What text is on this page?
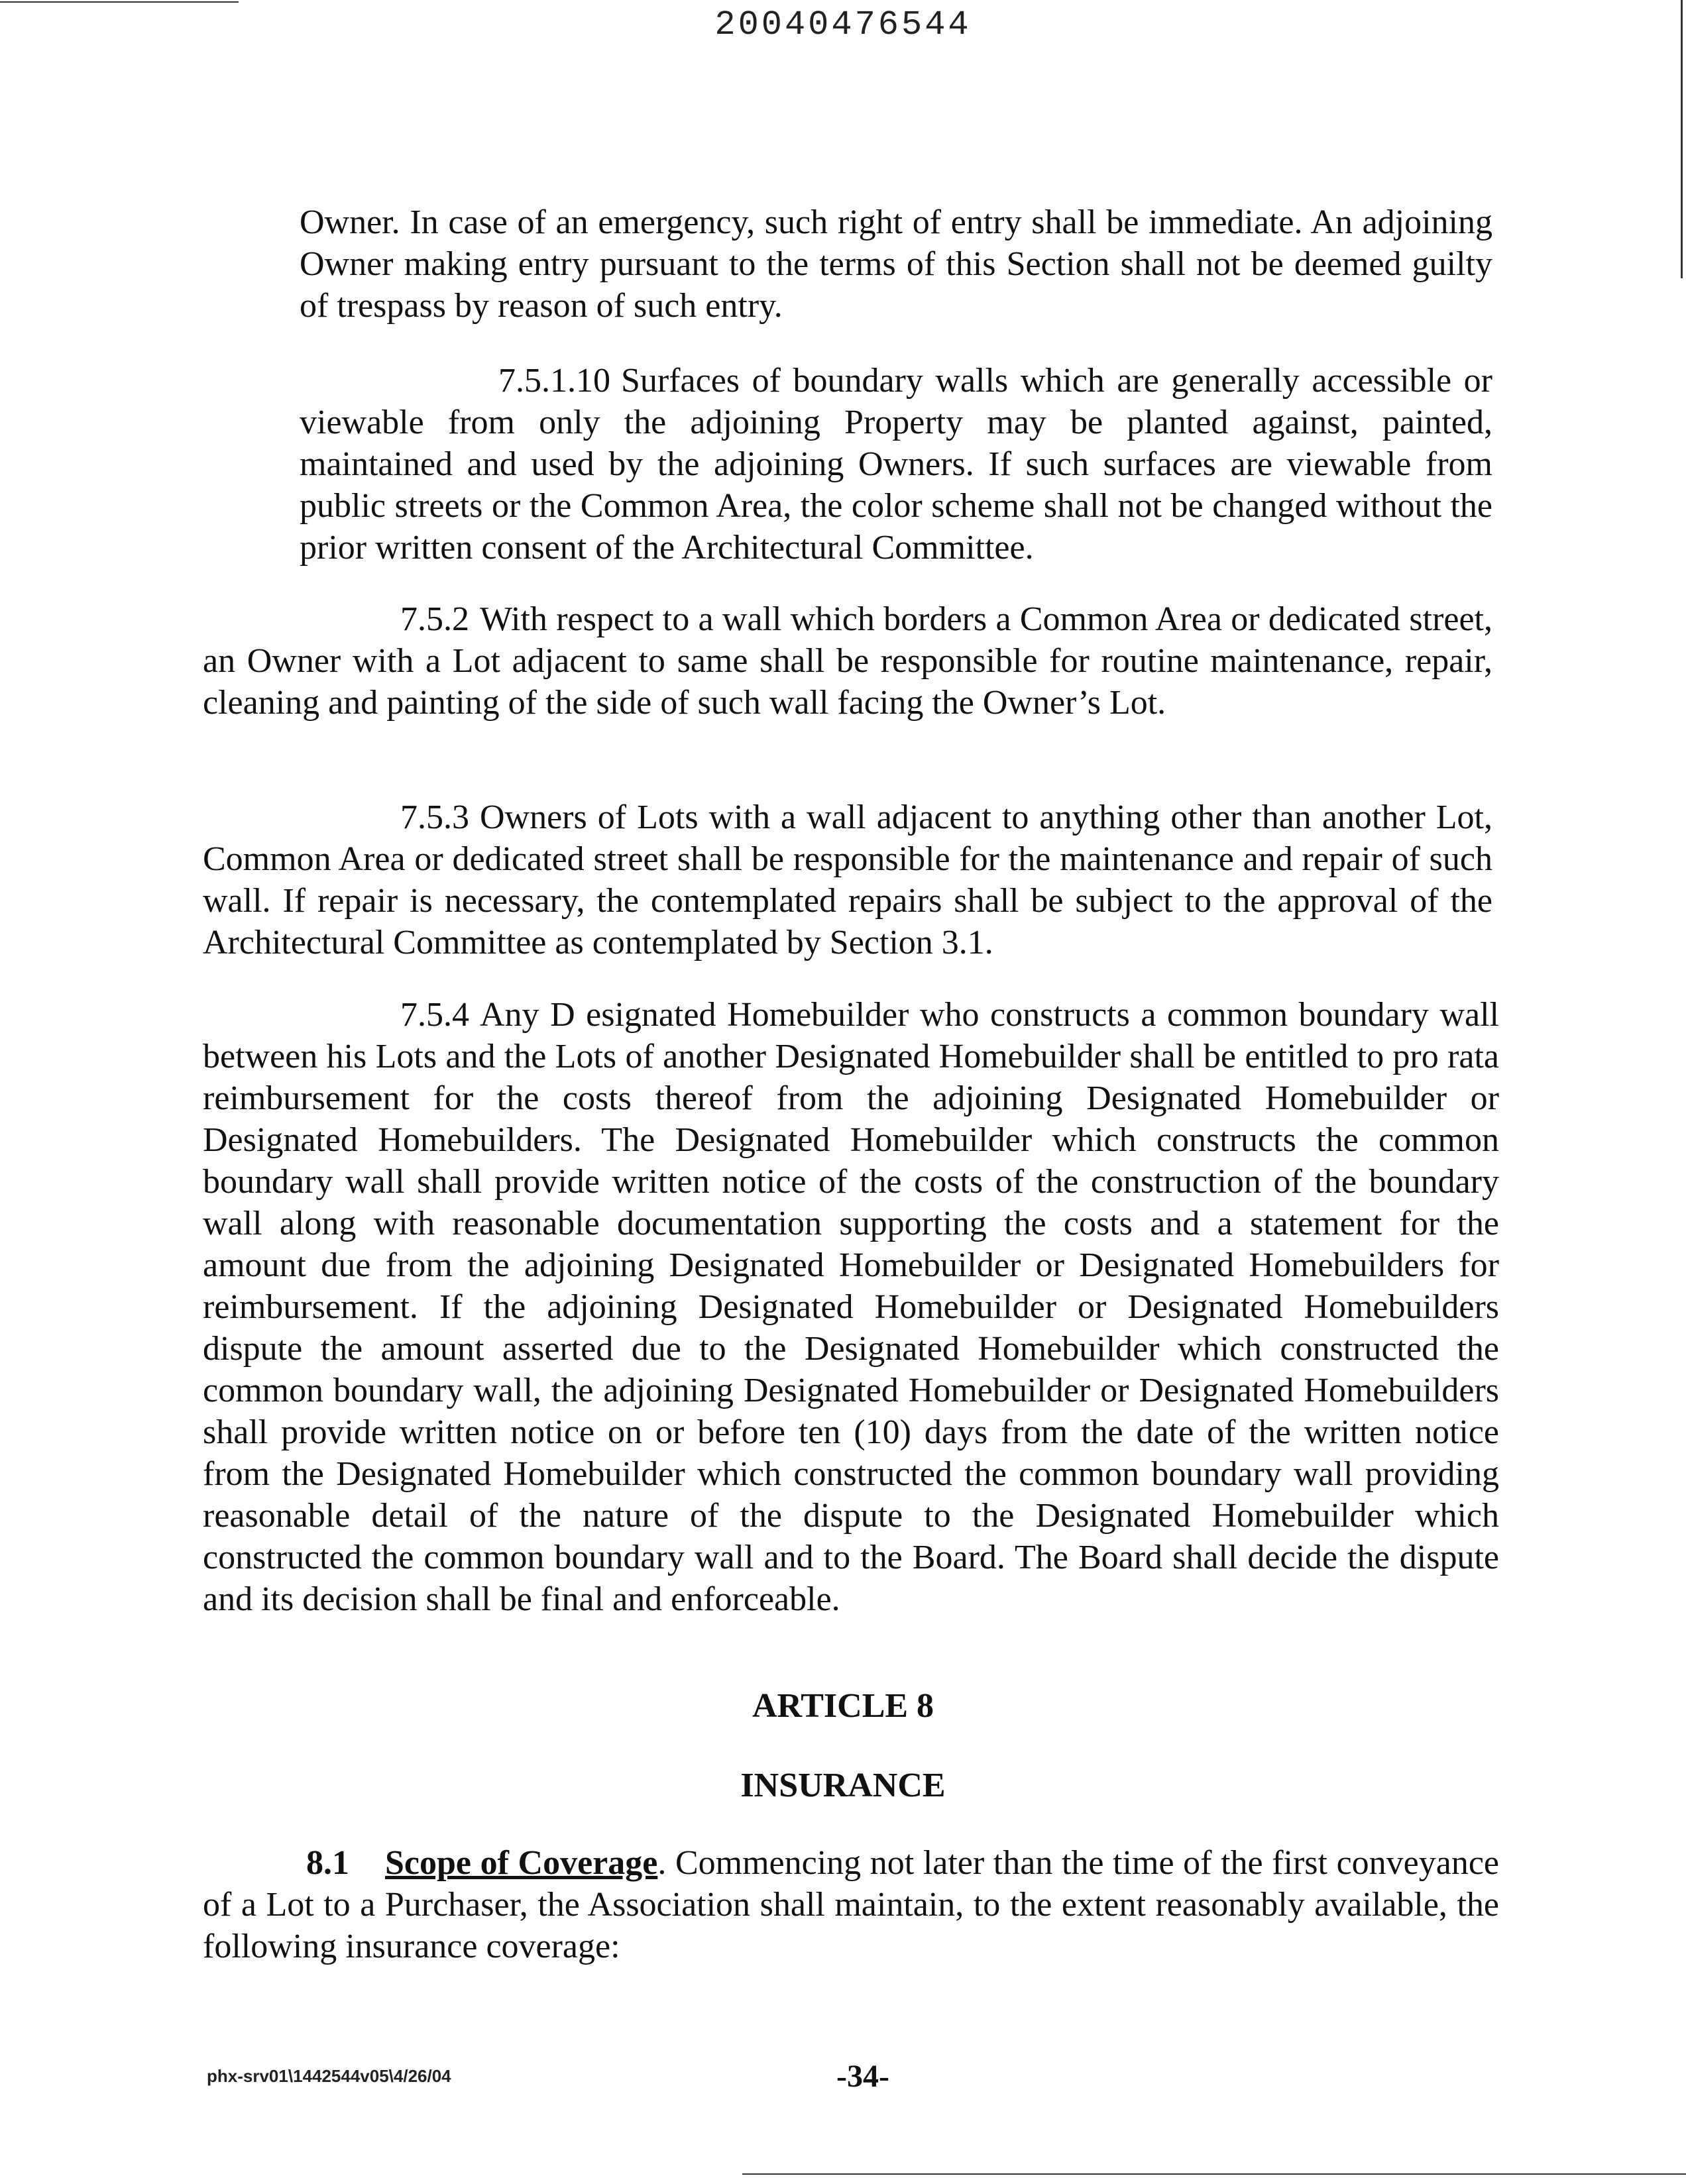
20040476544

Owner. In case of an emergency, such right of entry shall be immediate. An adjoining Owner making entry pursuant to the terms of this Section shall not be deemed guilty of trespass by reason of such entry.

7.5.1.10 Surfaces of boundary walls which are generally accessible or viewable from only the adjoining Property may be planted against, painted, maintained and used by the adjoining Owners. If such surfaces are viewable from public streets or the Common Area, the color scheme shall not be changed without the prior written consent of the Architectural Committee.

7.5.2 With respect to a wall which borders a Common Area or dedicated street, an Owner with a Lot adjacent to same shall be responsible for routine maintenance, repair, cleaning and painting of the side of such wall facing the Owner’s Lot.

7.5.3 Owners of Lots with a wall adjacent to anything other than another Lot, Common Area or dedicated street shall be responsible for the maintenance and repair of such wall. If repair is necessary, the contemplated repairs shall be subject to the approval of the Architectural Committee as contemplated by Section 3.1.

7.5.4 Any D esignated Homebuilder who constructs a common boundary wall between his Lots and the Lots of another Designated Homebuilder shall be entitled to pro rata reimbursement for the costs thereof from the adjoining Designated Homebuilder or Designated Homebuilders. The Designated Homebuilder which constructs the common boundary wall shall provide written notice of the costs of the construction of the boundary wall along with reasonable documentation supporting the costs and a statement for the amount due from the adjoining Designated Homebuilder or Designated Homebuilders for reimbursement. If the adjoining Designated Homebuilder or Designated Homebuilders dispute the amount asserted due to the Designated Homebuilder which constructed the common boundary wall, the adjoining Designated Homebuilder or Designated Homebuilders shall provide written notice on or before ten (10) days from the date of the written notice from the Designated Homebuilder which constructed the common boundary wall providing reasonable detail of the nature of the dispute to the Designated Homebuilder which constructed the common boundary wall and to the Board. The Board shall decide the dispute and its decision shall be final and enforceable.

ARTICLE 8
INSURANCE

8.1 Scope of Coverage. Commencing not later than the time of the first conveyance of a Lot to a Purchaser, the Association shall maintain, to the extent reasonably available, the following insurance coverage:

phx-srv01\1442544v05\4/26/04	-34-
